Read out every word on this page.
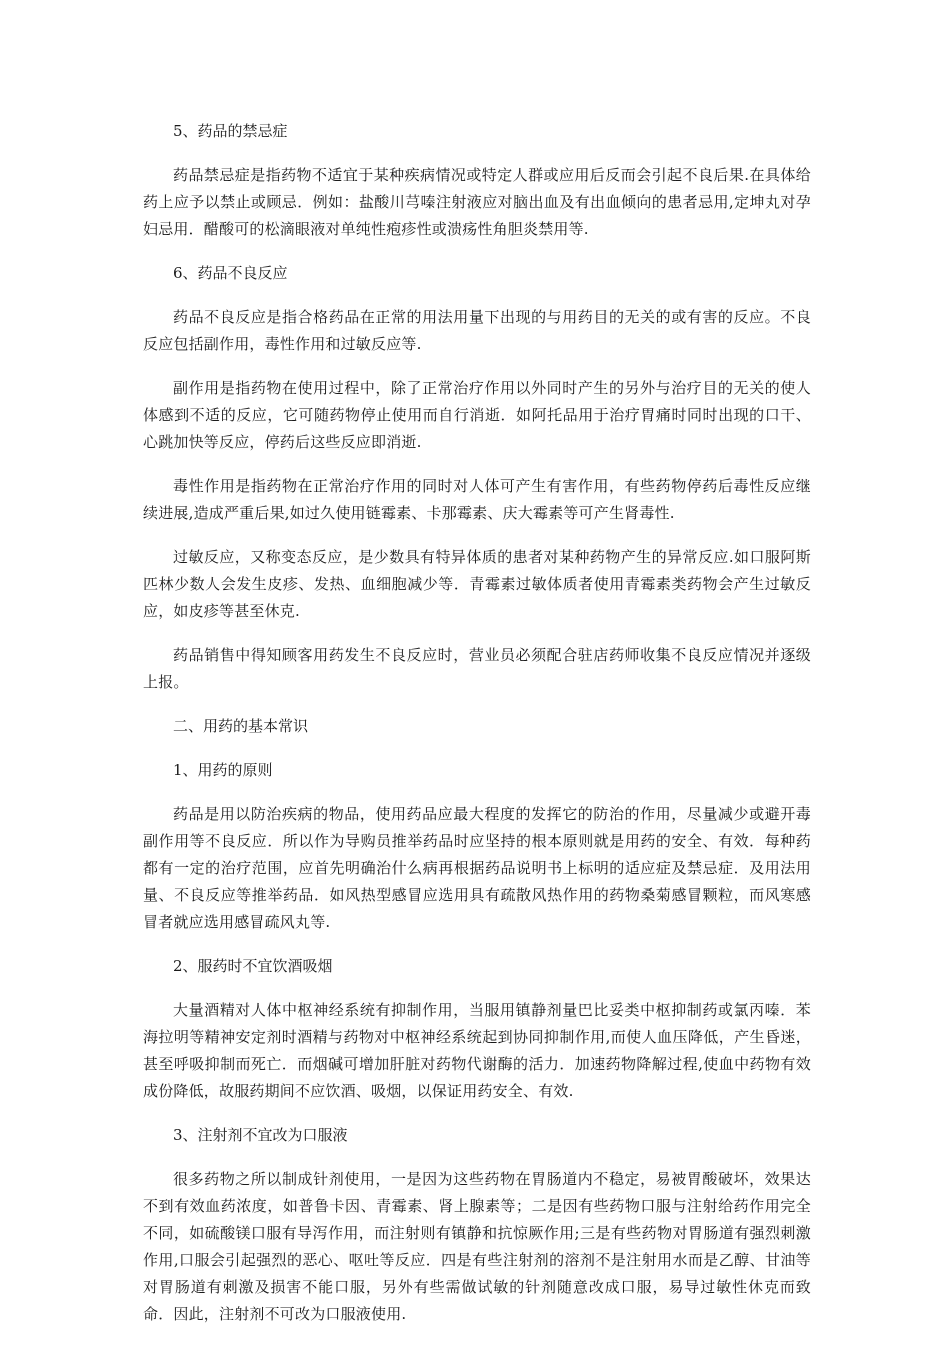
5、药品的禁忌症
药品禁忌症是指药物不适宜于某种疾病情况或特定人群或应用后反而会引起不良后果.在具体给药上应予以禁止或顾忌．例如：盐酸川芎嗪注射液应对脑出血及有出血倾向的患者忌用,定坤丸对孕妇忌用．醋酸可的松滴眼液对单纯性疱疹性或溃疡性角胆炎禁用等.
6、药品不良反应
药品不良反应是指合格药品在正常的用法用量下出现的与用药目的无关的或有害的反应。不良反应包括副作用，毒性作用和过敏反应等.
副作用是指药物在使用过程中，除了正常治疗作用以外同时产生的另外与治疗目的无关的使人体感到不适的反应，它可随药物停止使用而自行消逝．如阿托品用于治疗胃痛时同时出现的口干、心跳加快等反应，停药后这些反应即消逝.
毒性作用是指药物在正常治疗作用的同时对人体可产生有害作用，有些药物停药后毒性反应继续进展,造成严重后果,如过久使用链霉素、卡那霉素、庆大霉素等可产生肾毒性.
过敏反应，又称变态反应，是少数具有特异体质的患者对某种药物产生的异常反应.如口服阿斯匹林少数人会发生皮疹、发热、血细胞减少等．青霉素过敏体质者使用青霉素类药物会产生过敏反应，如皮疹等甚至休克.
药品销售中得知顾客用药发生不良反应时，营业员必须配合驻店药师收集不良反应情况并逐级上报。
二、用药的基本常识
1、用药的原则
药品是用以防治疾病的物品，使用药品应最大程度的发挥它的防治的作用，尽量减少或避开毒副作用等不良反应．所以作为导购员推举药品时应坚持的根本原则就是用药的安全、有效．每种药都有一定的治疗范围，应首先明确治什么病再根据药品说明书上标明的适应症及禁忌症．及用法用量、不良反应等推举药品．如风热型感冒应选用具有疏散风热作用的药物桑菊感冒颗粒，而风寒感冒者就应选用感冒疏风丸等.
2、服药时不宜饮酒吸烟
大量酒精对人体中枢神经系统有抑制作用，当服用镇静剂量巴比妥类中枢抑制药或氯丙嗪．苯海拉明等精神安定剂时酒精与药物对中枢神经系统起到协同抑制作用,而使人血压降低，产生昏迷，甚至呼吸抑制而死亡．而烟碱可增加肝脏对药物代谢酶的活力．加速药物降解过程,使血中药物有效成份降低，故服药期间不应饮酒、吸烟，以保证用药安全、有效.
3、注射剂不宜改为口服液
很多药物之所以制成针剂使用，一是因为这些药物在胃肠道内不稳定，易被胃酸破坏，效果达不到有效血药浓度，如普鲁卡因、青霉素、肾上腺素等；二是因有些药物口服与注射给药作用完全不同，如硫酸镁口服有导泻作用，而注射则有镇静和抗惊厥作用;三是有些药物对胃肠道有强烈刺激作用,口服会引起强烈的恶心、呕吐等反应．四是有些注射剂的溶剂不是注射用水而是乙醇、甘油等对胃肠道有刺激及损害不能口服，另外有些需做试敏的针剂随意改成口服，易导过敏性休克而致命．因此，注射剂不可改为口服液使用.
